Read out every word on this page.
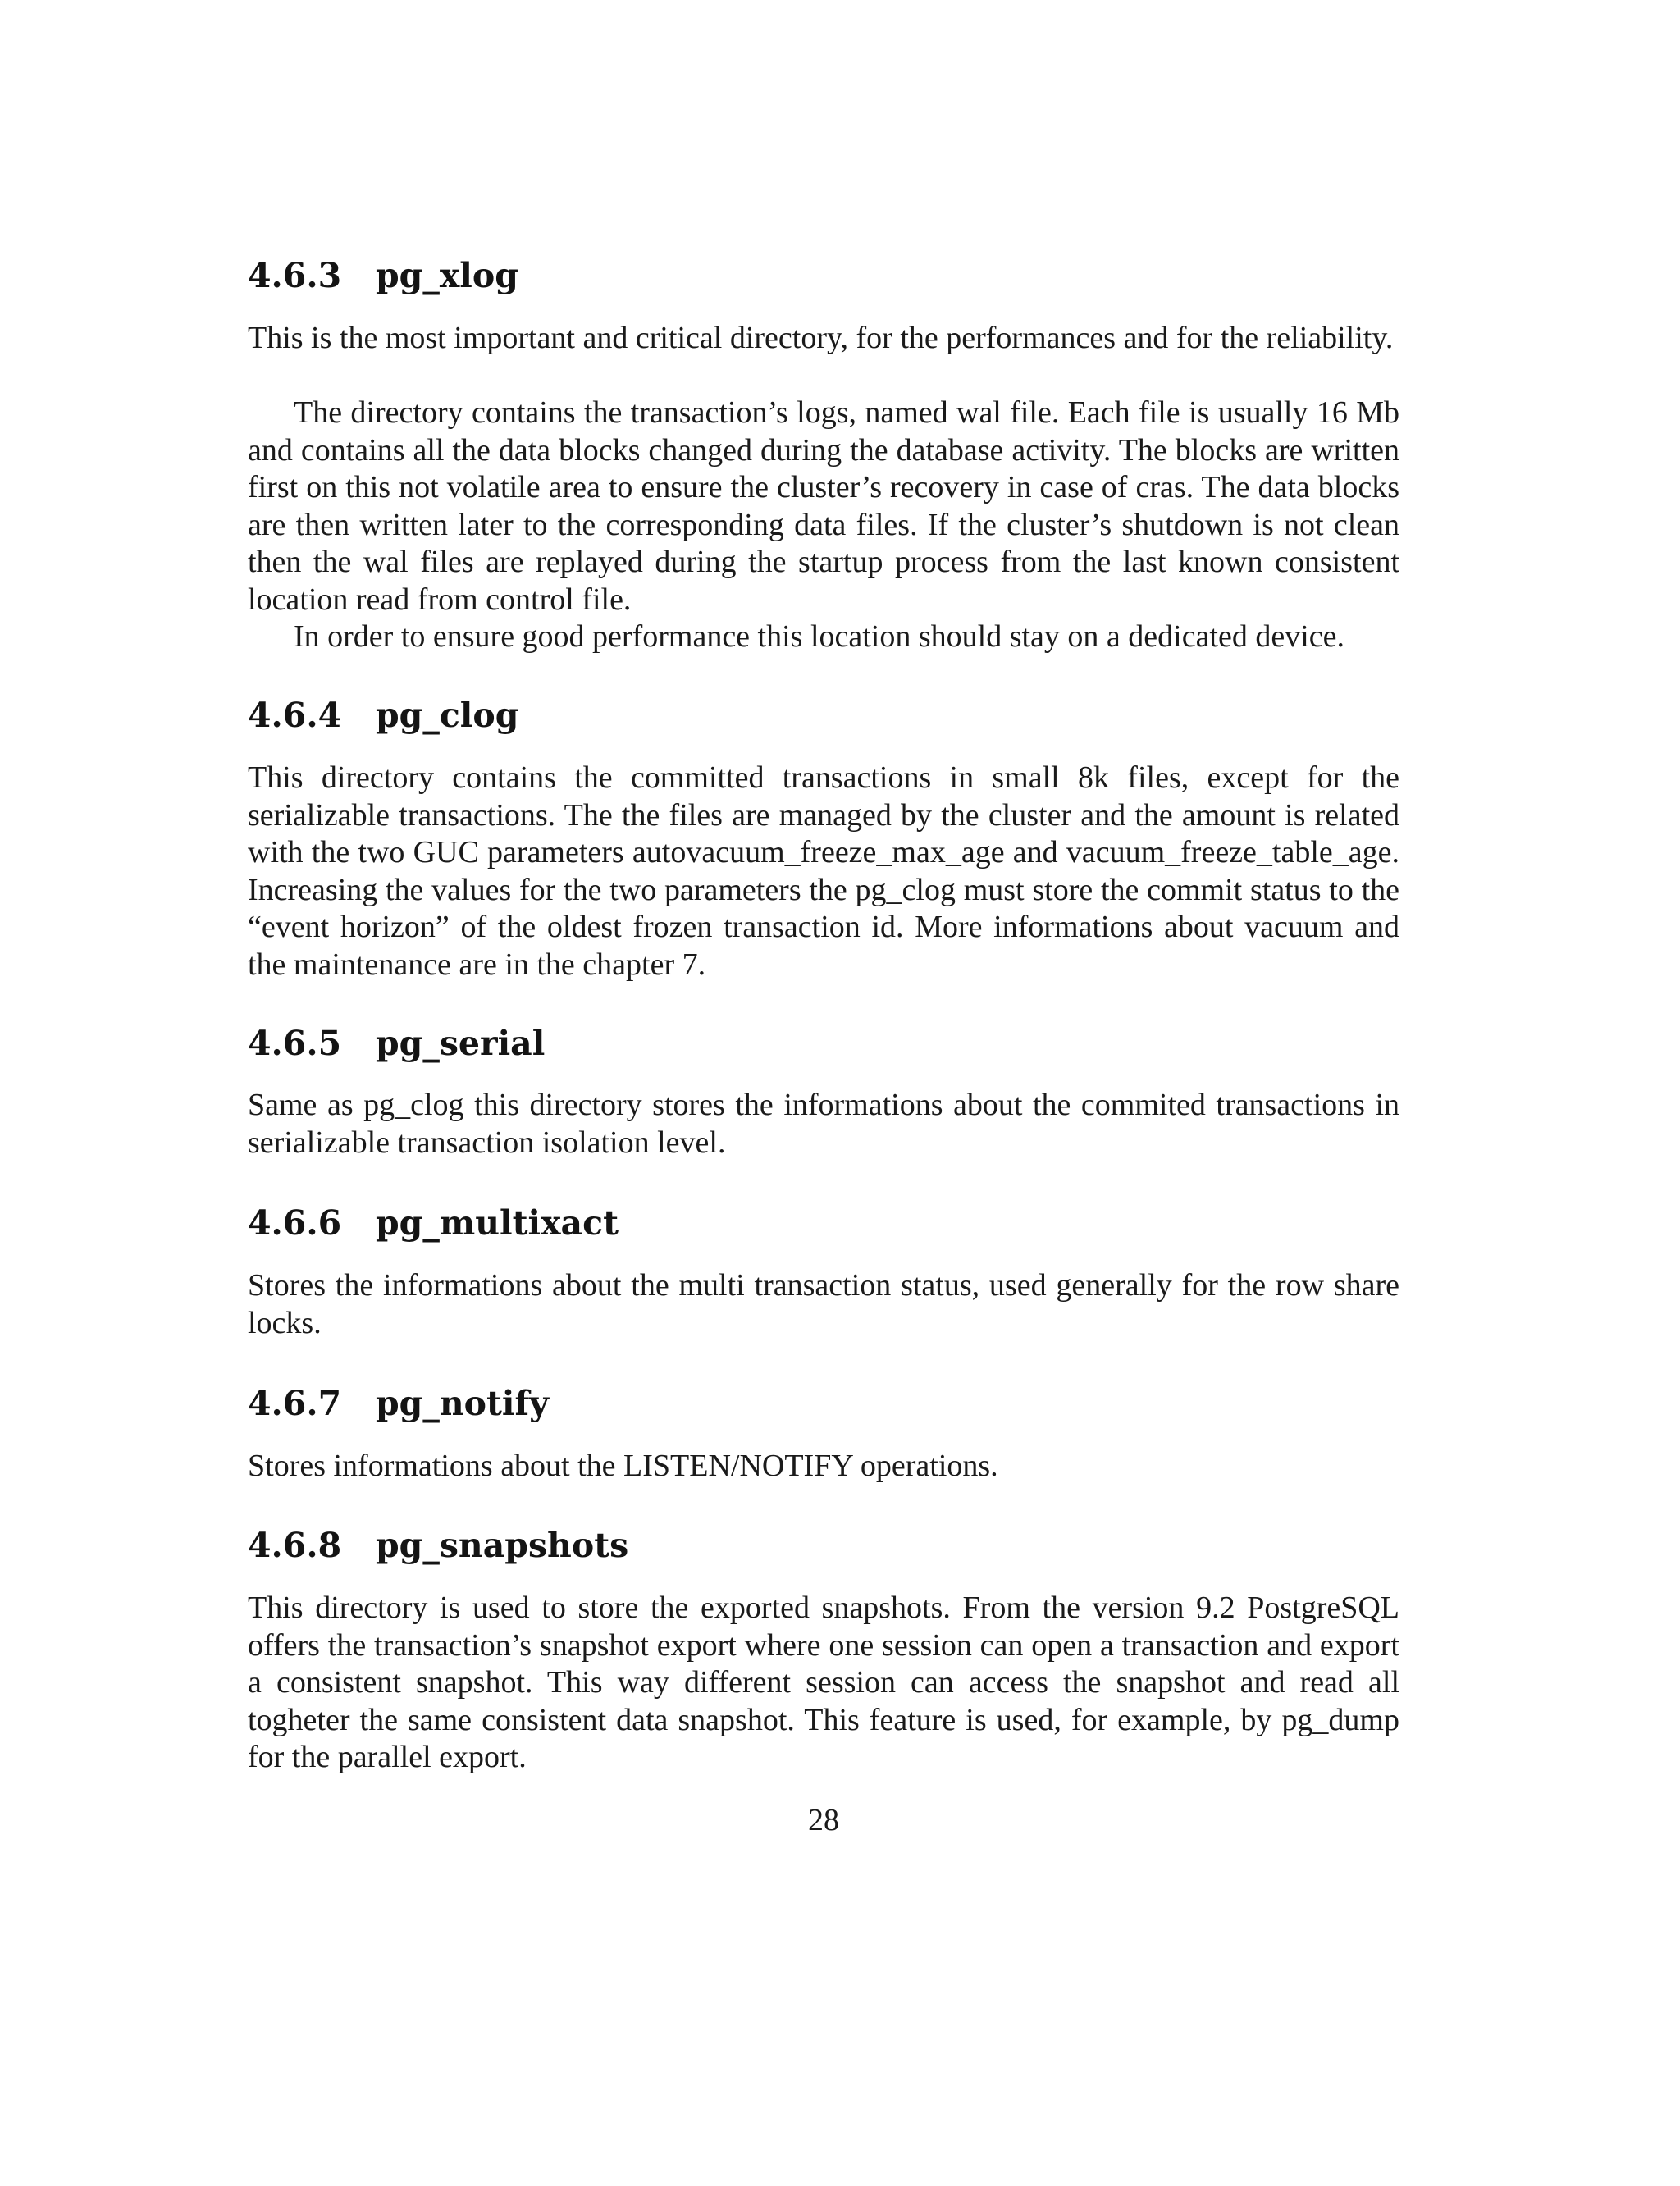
4.6.3 pg_xlog

This is the most important and critical directory, for the performances and for the reliability.

The directory contains the transaction’s logs, named wal file. Each file is usually 16 Mb and contains all the data blocks changed during the database activity. The blocks are written first on this not volatile area to ensure the cluster’s recovery in case of cras. The data blocks are then written later to the corresponding data files. If the cluster’s shutdown is not clean then the wal files are replayed during the startup process from the last known consistent location read from control file.

In order to ensure good performance this location should stay on a dedicated device.

4.6.4 pg_clog

This directory contains the committed transactions in small 8k files, except for the serializable transactions. The the files are managed by the cluster and the amount is related with the two GUC parameters autovacuum_freeze_max_age and vacuum_freeze_table_age. Increasing the values for the two parameters the pg_clog must store the commit status to the “event horizon” of the oldest frozen transaction id. More informations about vacuum and the maintenance are in the chapter 7.

4.6.5 pg_serial

Same as pg_clog this directory stores the informations about the commited transactions in serializable transaction isolation level.

4.6.6 pg_multixact

Stores the informations about the multi transaction status, used generally for the row share locks.

4.6.7 pg_notify

Stores informations about the LISTEN/NOTIFY operations.

4.6.8 pg_snapshots

This directory is used to store the exported snapshots. From the version 9.2 PostgreSQL offers the transaction’s snapshot export where one session can open a transaction and export a consistent snapshot. This way different session can access the snapshot and read all togheter the same consistent data snapshot. This feature is used, for example, by pg_dump for the parallel export.

28
